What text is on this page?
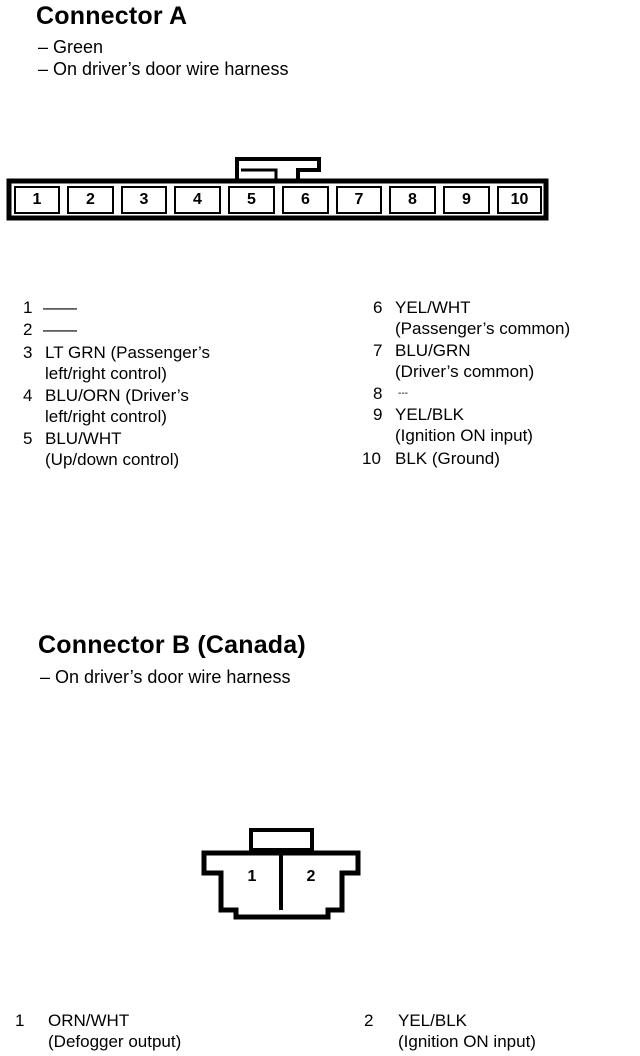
Connector A
– Green
– On driver’s door wire harness
1	2	3	4	5	6	7	8	9	10
1 ——
2 ——
3 LT GRN (Passenger’s
left/right control)
4 BLU/ORN (Driver’s
left/right control)
5 BLU/WHT
(Up/down control)
6 YEL/WHT
(Passenger’s common)
7 BLU/GRN
(Driver’s common)
8 ---
9 YEL/BLK
(Ignition ON input)
10 BLK (Ground)
Connector B (Canada)
– On driver’s door wire harness
1	2
1 ORN/WHT
(Defogger output)
2 YEL/BLK
(Ignition ON input)
